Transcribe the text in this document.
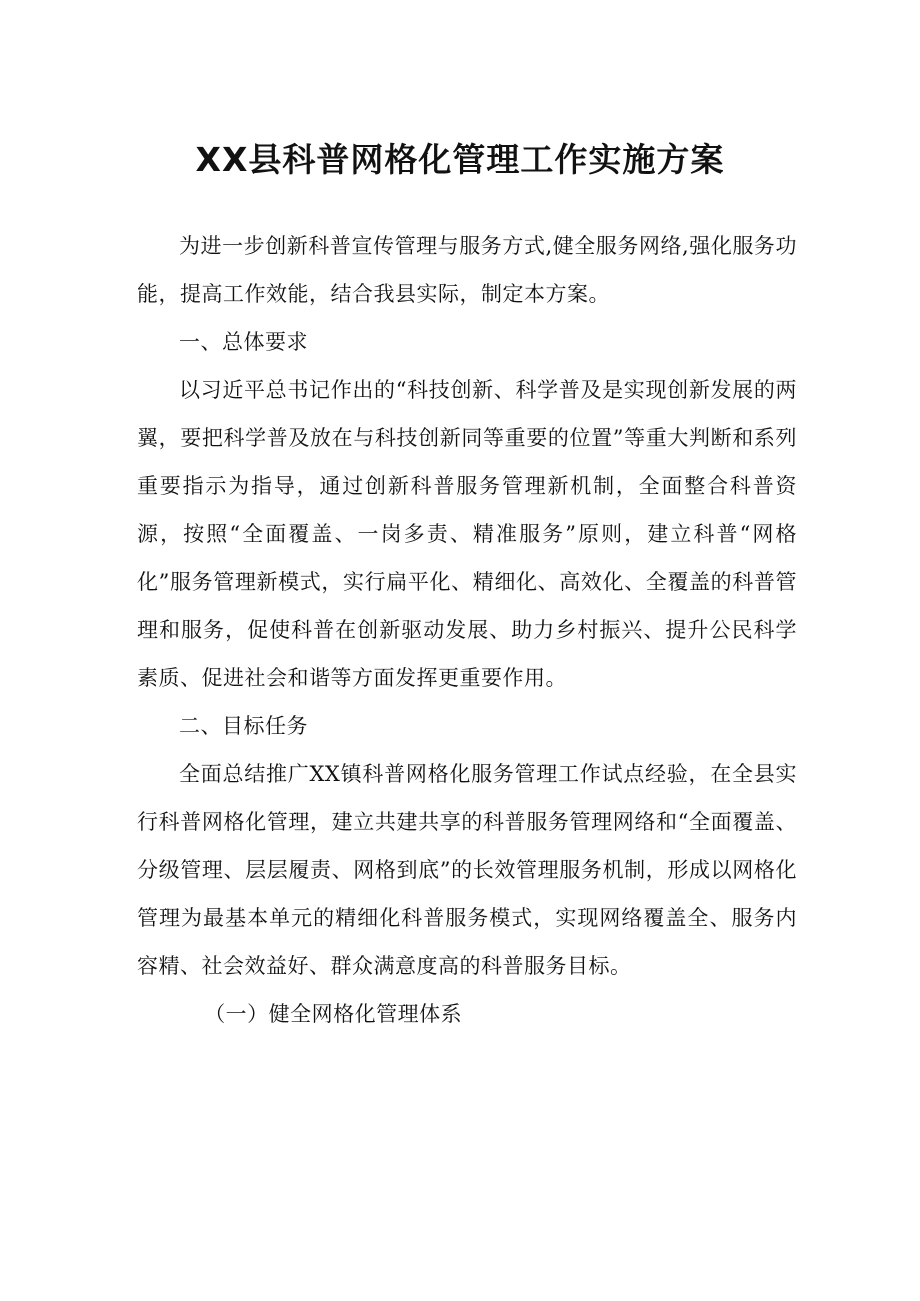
XX县科普网格化管理工作实施方案

为进一步创新科普宣传管理与服务方式,健全服务网络,强化服务功能，提高工作效能，结合我县实际，制定本方案。

一、总体要求

以习近平总书记作出的“科技创新、科学普及是实现创新发展的两翼，要把科学普及放在与科技创新同等重要的位置”等重大判断和系列重要指示为指导，通过创新科普服务管理新机制，全面整合科普资源，按照“全面覆盖、一岗多责、精准服务”原则，建立科普“网格化”服务管理新模式，实行扁平化、精细化、高效化、全覆盖的科普管理和服务，促使科普在创新驱动发展、助力乡村振兴、提升公民科学素质、促进社会和谐等方面发挥更重要作用。

二、目标任务

全面总结推广XX镇科普网格化服务管理工作试点经验，在全县实行科普网格化管理，建立共建共享的科普服务管理网络和“全面覆盖、分级管理、层层履责、网格到底”的长效管理服务机制，形成以网格化管理为最基本单元的精细化科普服务模式，实现网络覆盖全、服务内容精、社会效益好、群众满意度高的科普服务目标。

（一）健全网格化管理体系
